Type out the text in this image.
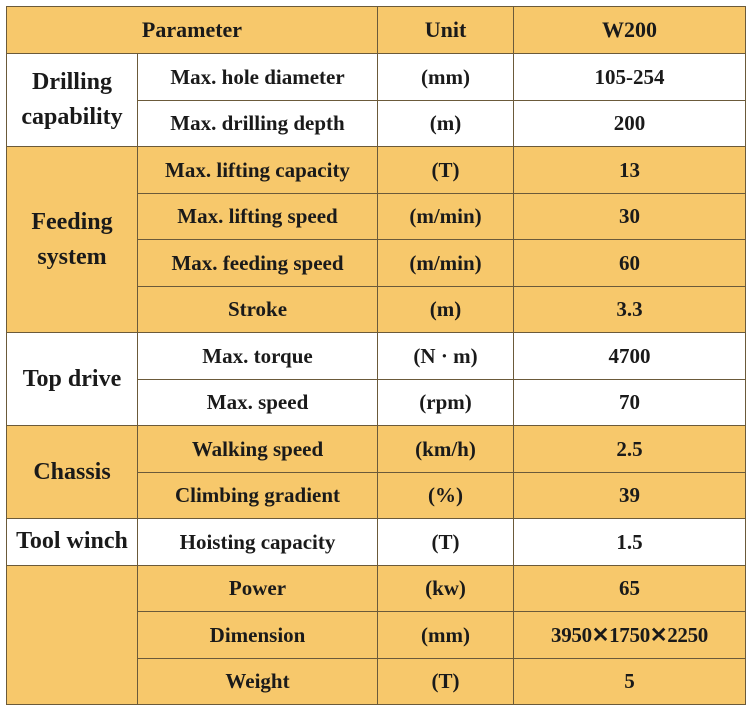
Parameter		Unit	W200

Drilling
capability	Max. hole diameter	(mm)	105-254
	Max. drilling depth	(m)	200

Feeding
system	Max. lifting capacity	(T)	13
	Max. lifting speed	(m/min)	30
	Max. feeding speed	(m/min)	60
	Stroke	(m)	3.3
Top drive	Max. torque	(N · m)	4700
	Max. speed	(rpm)	70
Chassis	Walking speed	(km/h)	2.5
	Climbing gradient	(%)	39
Tool winch	Hoisting capacity	(T)	1.5
	Power	(kw)	65
	Dimension	(mm)	3950✕1750✕2250
	Weight	(T)	5
